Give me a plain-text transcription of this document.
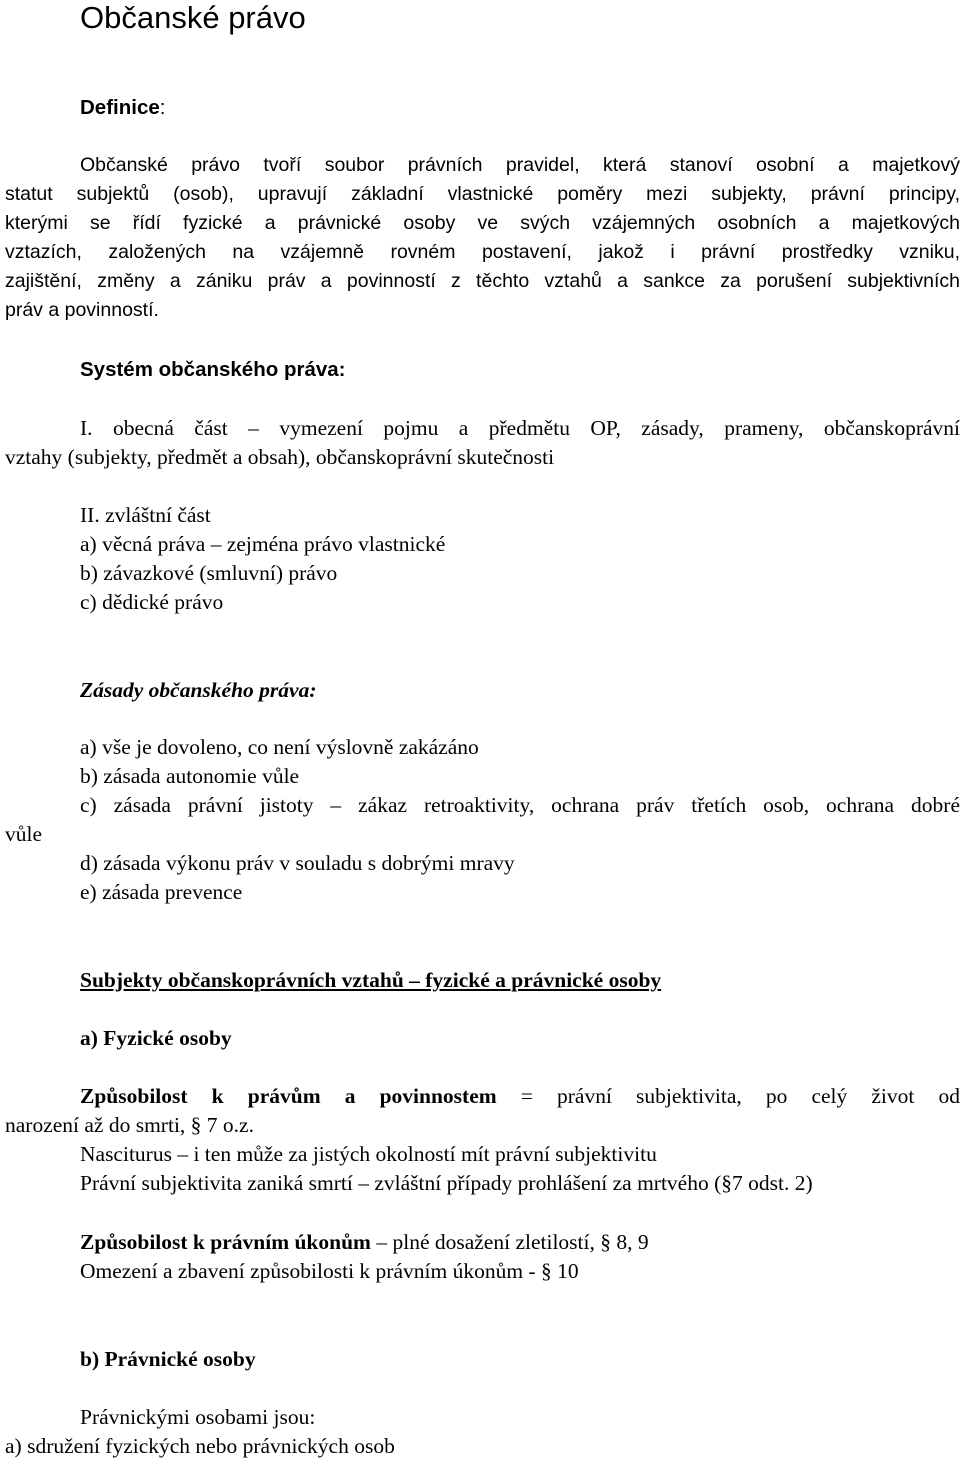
Občanské právo
Definice:
Občanské právo tvoří soubor právních pravidel, která stanoví osobní a majetkový
statut subjektů (osob), upravují základní vlastnické poměry mezi subjekty, právní principy,
kterými se řídí fyzické a právnické osoby ve svých vzájemných osobních a majetkových
vztazích, založených na vzájemně rovném postavení, jakož i právní prostředky vzniku,
zajištění, změny a zániku práv a povinností z těchto vztahů a sankce za porušení subjektivních
práv a povinností.
Systém občanského práva:
I. obecná část – vymezení pojmu a předmětu OP, zásady, prameny, občanskoprávní
vztahy (subjekty, předmět a obsah), občanskoprávní skutečnosti
II. zvláštní část
a) věcná práva – zejména právo vlastnické
b) závazkové (smluvní) právo
c) dědické právo
Zásady občanského práva:
a) vše je dovoleno, co není výslovně zakázáno
b) zásada autonomie vůle
c) zásada právní jistoty – zákaz retroaktivity, ochrana práv třetích osob, ochrana dobré
vůle
d) zásada výkonu práv v souladu s dobrými mravy
e) zásada prevence
Subjekty občanskoprávních vztahů – fyzické a právnické osoby
a) Fyzické osoby
Způsobilost k právům a povinnostem = právní subjektivita, po celý život od
narození až do smrti, § 7 o.z.
Nasciturus – i ten může za jistých okolností mít právní subjektivitu
Právní subjektivita zaniká smrtí – zvláštní případy prohlášení za mrtvého (§7 odst. 2)
Způsobilost k právním úkonům – plné dosažení zletilostí, § 8, 9
Omezení a zbavení způsobilosti k právním úkonům - § 10
b) Právnické osoby
Právnickými osobami jsou:
a) sdružení fyzických nebo právnických osob
